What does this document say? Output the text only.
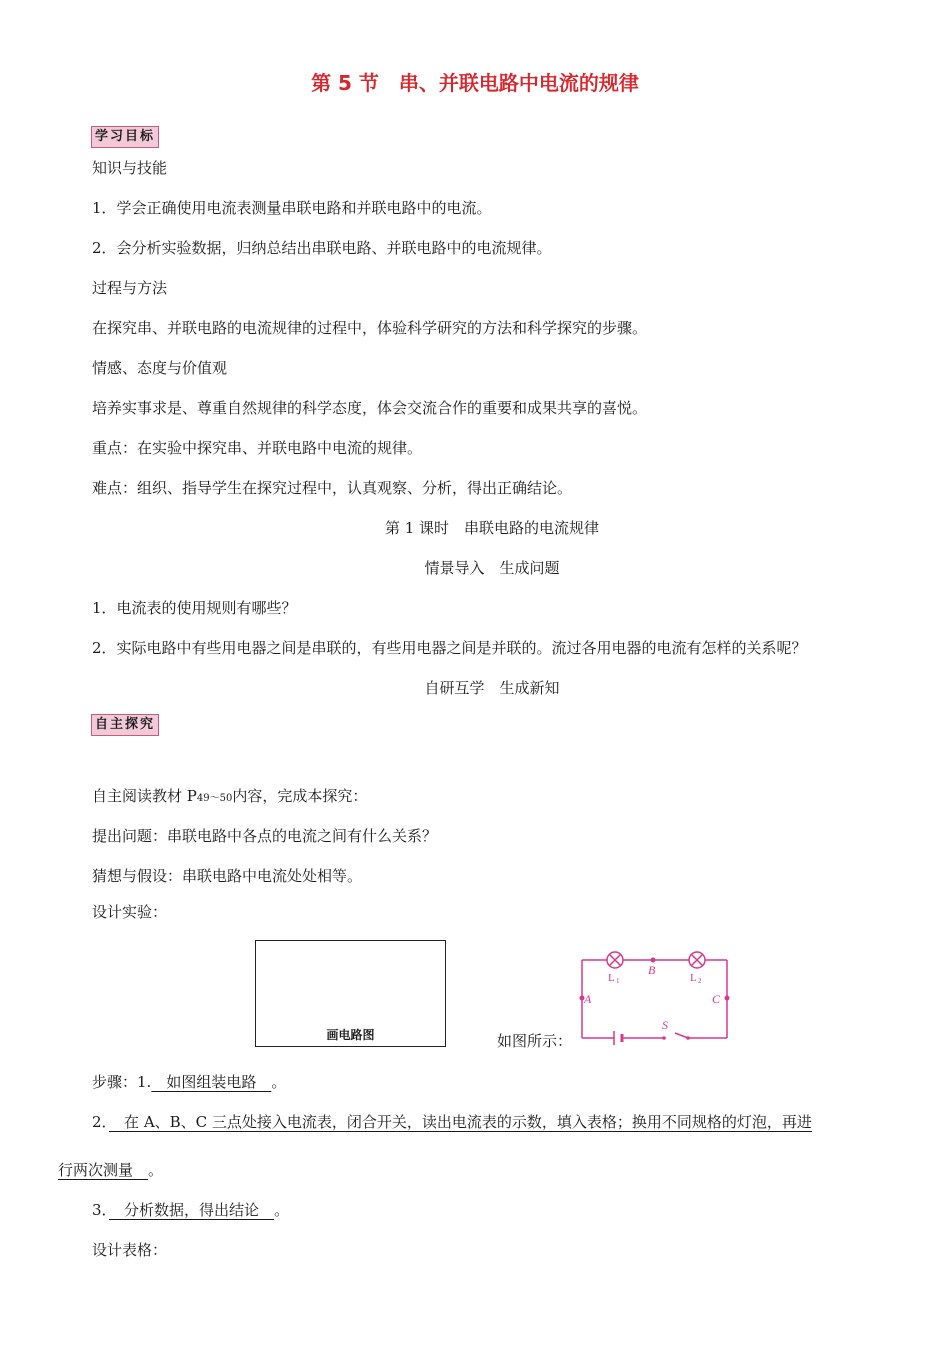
第 5 节　串、并联电路中电流的规律
学习目标
知识与技能
1．学会正确使用电流表测量串联电路和并联电路中的电流。
2．会分析实验数据，归纳总结出串联电路、并联电路中的电流规律。
过程与方法
在探究串、并联电路的电流规律的过程中，体验科学研究的方法和科学探究的步骤。
情感、态度与价值观
培养实事求是、尊重自然规律的科学态度，体会交流合作的重要和成果共享的喜悦。
重点：在实验中探究串、并联电路中电流的规律。
难点：组织、指导学生在探究过程中，认真观察、分析，得出正确结论。
第 1 课时　串联电路的电流规律
情景导入　生成问题
1．电流表的使用规则有哪些？
2．实际电路中有些用电器之间是串联的，有些用电器之间是并联的。流过各用电器的电流有怎样的关系呢？
自研互学　生成新知
自主探究
自主阅读教材 P49～50内容，完成本探究：
提出问题：串联电路中各点的电流之间有什么关系？
猜想与假设：串联电路中电流处处相等。
设计实验：
画电路图	如图所示：
A
B
C
S
L 1	L 2
步骤：1.　如图组装电路　。
2．　在 A、B、C 三点处接入电流表，闭合开关，读出电流表的示数，填入表格；换用不同规格的灯泡，再进
行两次测量　。
3．　分析数据，得出结论　。
设计表格：
